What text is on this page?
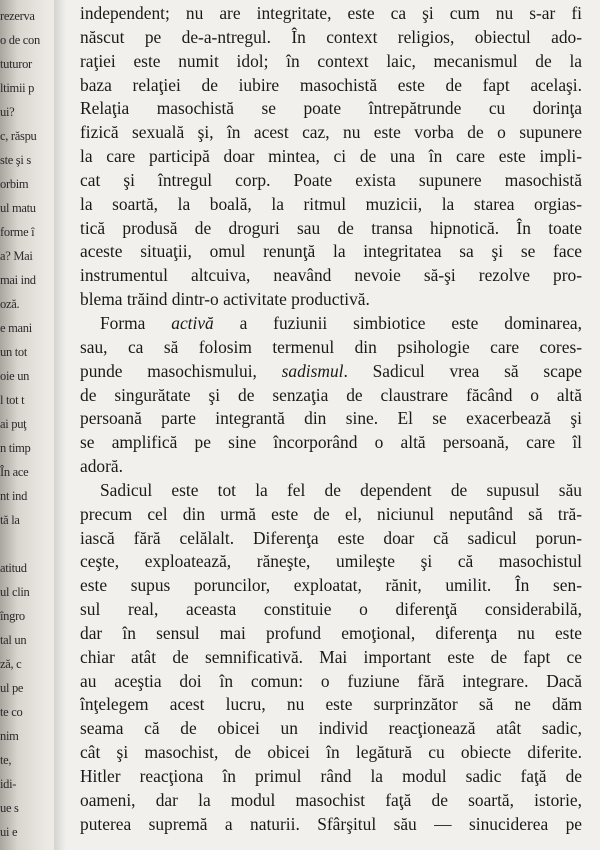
rezerva
o de con
tuturor
ltimii p
ui?
c, răspu
ste şi s
orbim
ul matu
forme î
a? Mai
mai ind
oză.
e mani
un tot
oie un
l tot t
ai puţ
n timp
În ace
nt ind
tă la
atitud
ul clin
îngro
tal un
ză, c
ul pe
te co
nim
te,
idi-
ue s
ui e
independent; nu are integritate, este ca şi cum nu s-ar fi
născut pe de-a-ntregul. În context religios, obiectul ado-
raţiei este numit idol; în context laic, mecanismul de la
baza relaţiei de iubire masochistă este de fapt acelaşi.
Relaţia masochistă se poate întrepătrunde cu dorinţa
fizică sexuală şi, în acest caz, nu este vorba de o supunere
la care participă doar mintea, ci de una în care este impli-
cat şi întregul corp. Poate exista supunere masochistă
la soartă, la boală, la ritmul muzicii, la starea orgias-
tică produsă de droguri sau de transa hipnotică. În toate
aceste situaţii, omul renunţă la integritatea sa şi se face
instrumentul altcuiva, neavând nevoie să-şi rezolve pro-
blema trăind dintr-o activitate productivă.
Forma activă a fuziunii simbiotice este dominarea,
sau, ca să folosim termenul din psihologie care cores-
punde masochismului, sadismul. Sadicul vrea să scape
de singurătate şi de senzaţia de claustrare făcând o altă
persoană parte integrantă din sine. El se exacerbează şi
se amplifică pe sine încorporând o altă persoană, care îl
adoră.
Sadicul este tot la fel de dependent de supusul său
precum cel din urmă este de el, niciunul neputând să tră-
iască fără celălalt. Diferenţa este doar că sadicul porun-
ceşte, exploatează, răneşte, umileşte şi că masochistul
este supus poruncilor, exploatat, rănit, umilit. În sen-
sul real, aceasta constituie o diferenţă considerabilă,
dar în sensul mai profund emoţional, diferenţa nu este
chiar atât de semnificativă. Mai important este de fapt ce
au aceştia doi în comun: o fuziune fără integrare. Dacă
înţelegem acest lucru, nu este surprinzător să ne dăm
seama că de obicei un individ reacţionează atât sadic,
cât şi masochist, de obicei în legătură cu obiecte diferite.
Hitler reacţiona în primul rând la modul sadic faţă de
oameni, dar la modul masochist faţă de soartă, istorie,
puterea supremă a naturii. Sfârşitul său — sinuciderea pe
